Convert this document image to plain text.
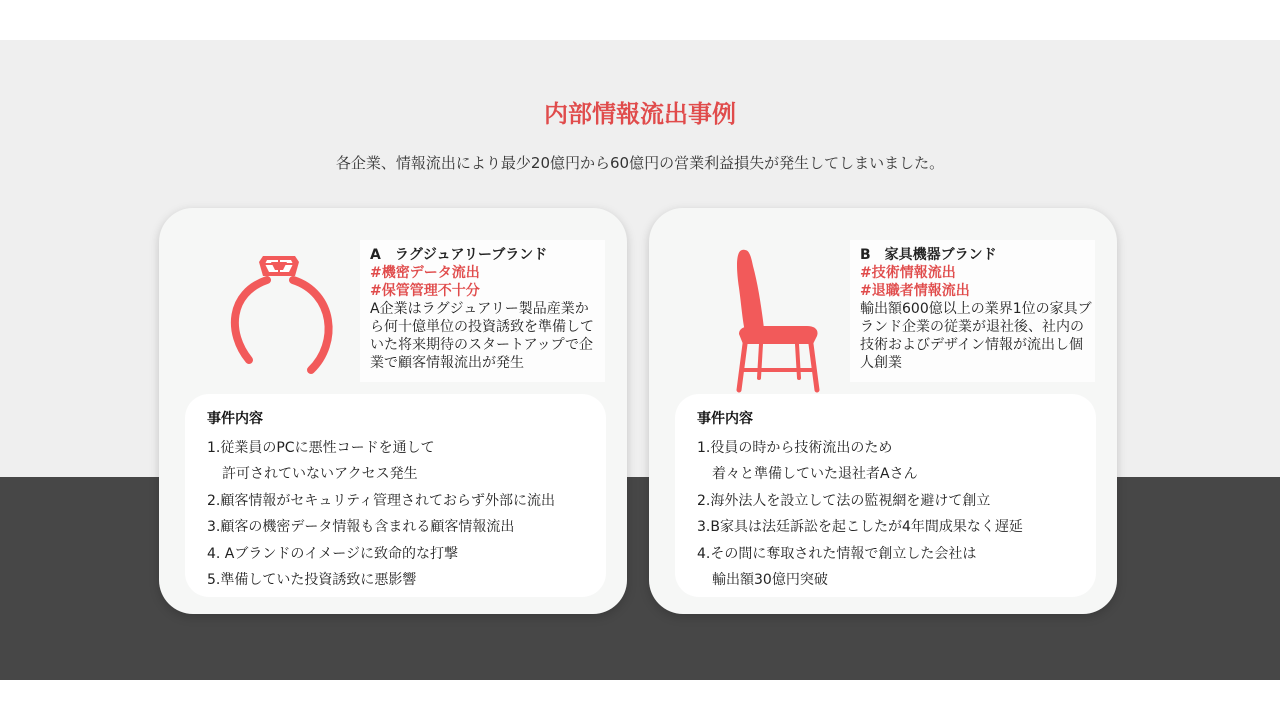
内部情報流出事例
各企業、情報流出により最少20億円から60億円の営業利益損失が発生してしまいました。
A　ラグジュアリーブランド
#機密データ流出
#保管管理不十分
A企業はラグジュアリー製品産業から何十億単位の投資誘致を準備していた将来期待のスタートアップで企業で顧客情報流出が発生
事件内容
1.従業員のPCに悪性コードを通して
許可されていないアクセス発生
2.顧客情報がセキュリティ管理されておらず外部に流出
3.顧客の機密データ情報も含まれる顧客情報流出
4. Aブランドのイメージに致命的な打撃
5.準備していた投資誘致に悪影響
B　家具機器ブランド
#技術情報流出
#退職者情報流出
輸出額600億以上の業界1位の家具ブランド企業の従業が退社後、社内の技術およびデザイン情報が流出し個人創業
事件内容
1.役員の時から技術流出のため
着々と準備していた退社者Aさん
2.海外法人を設立して法の監視網を避けて創立
3.B家具は法廷訴訟を起こしたが4年間成果なく遅延
4.その間に奪取された情報で創立した会社は
輸出額30億円突破
